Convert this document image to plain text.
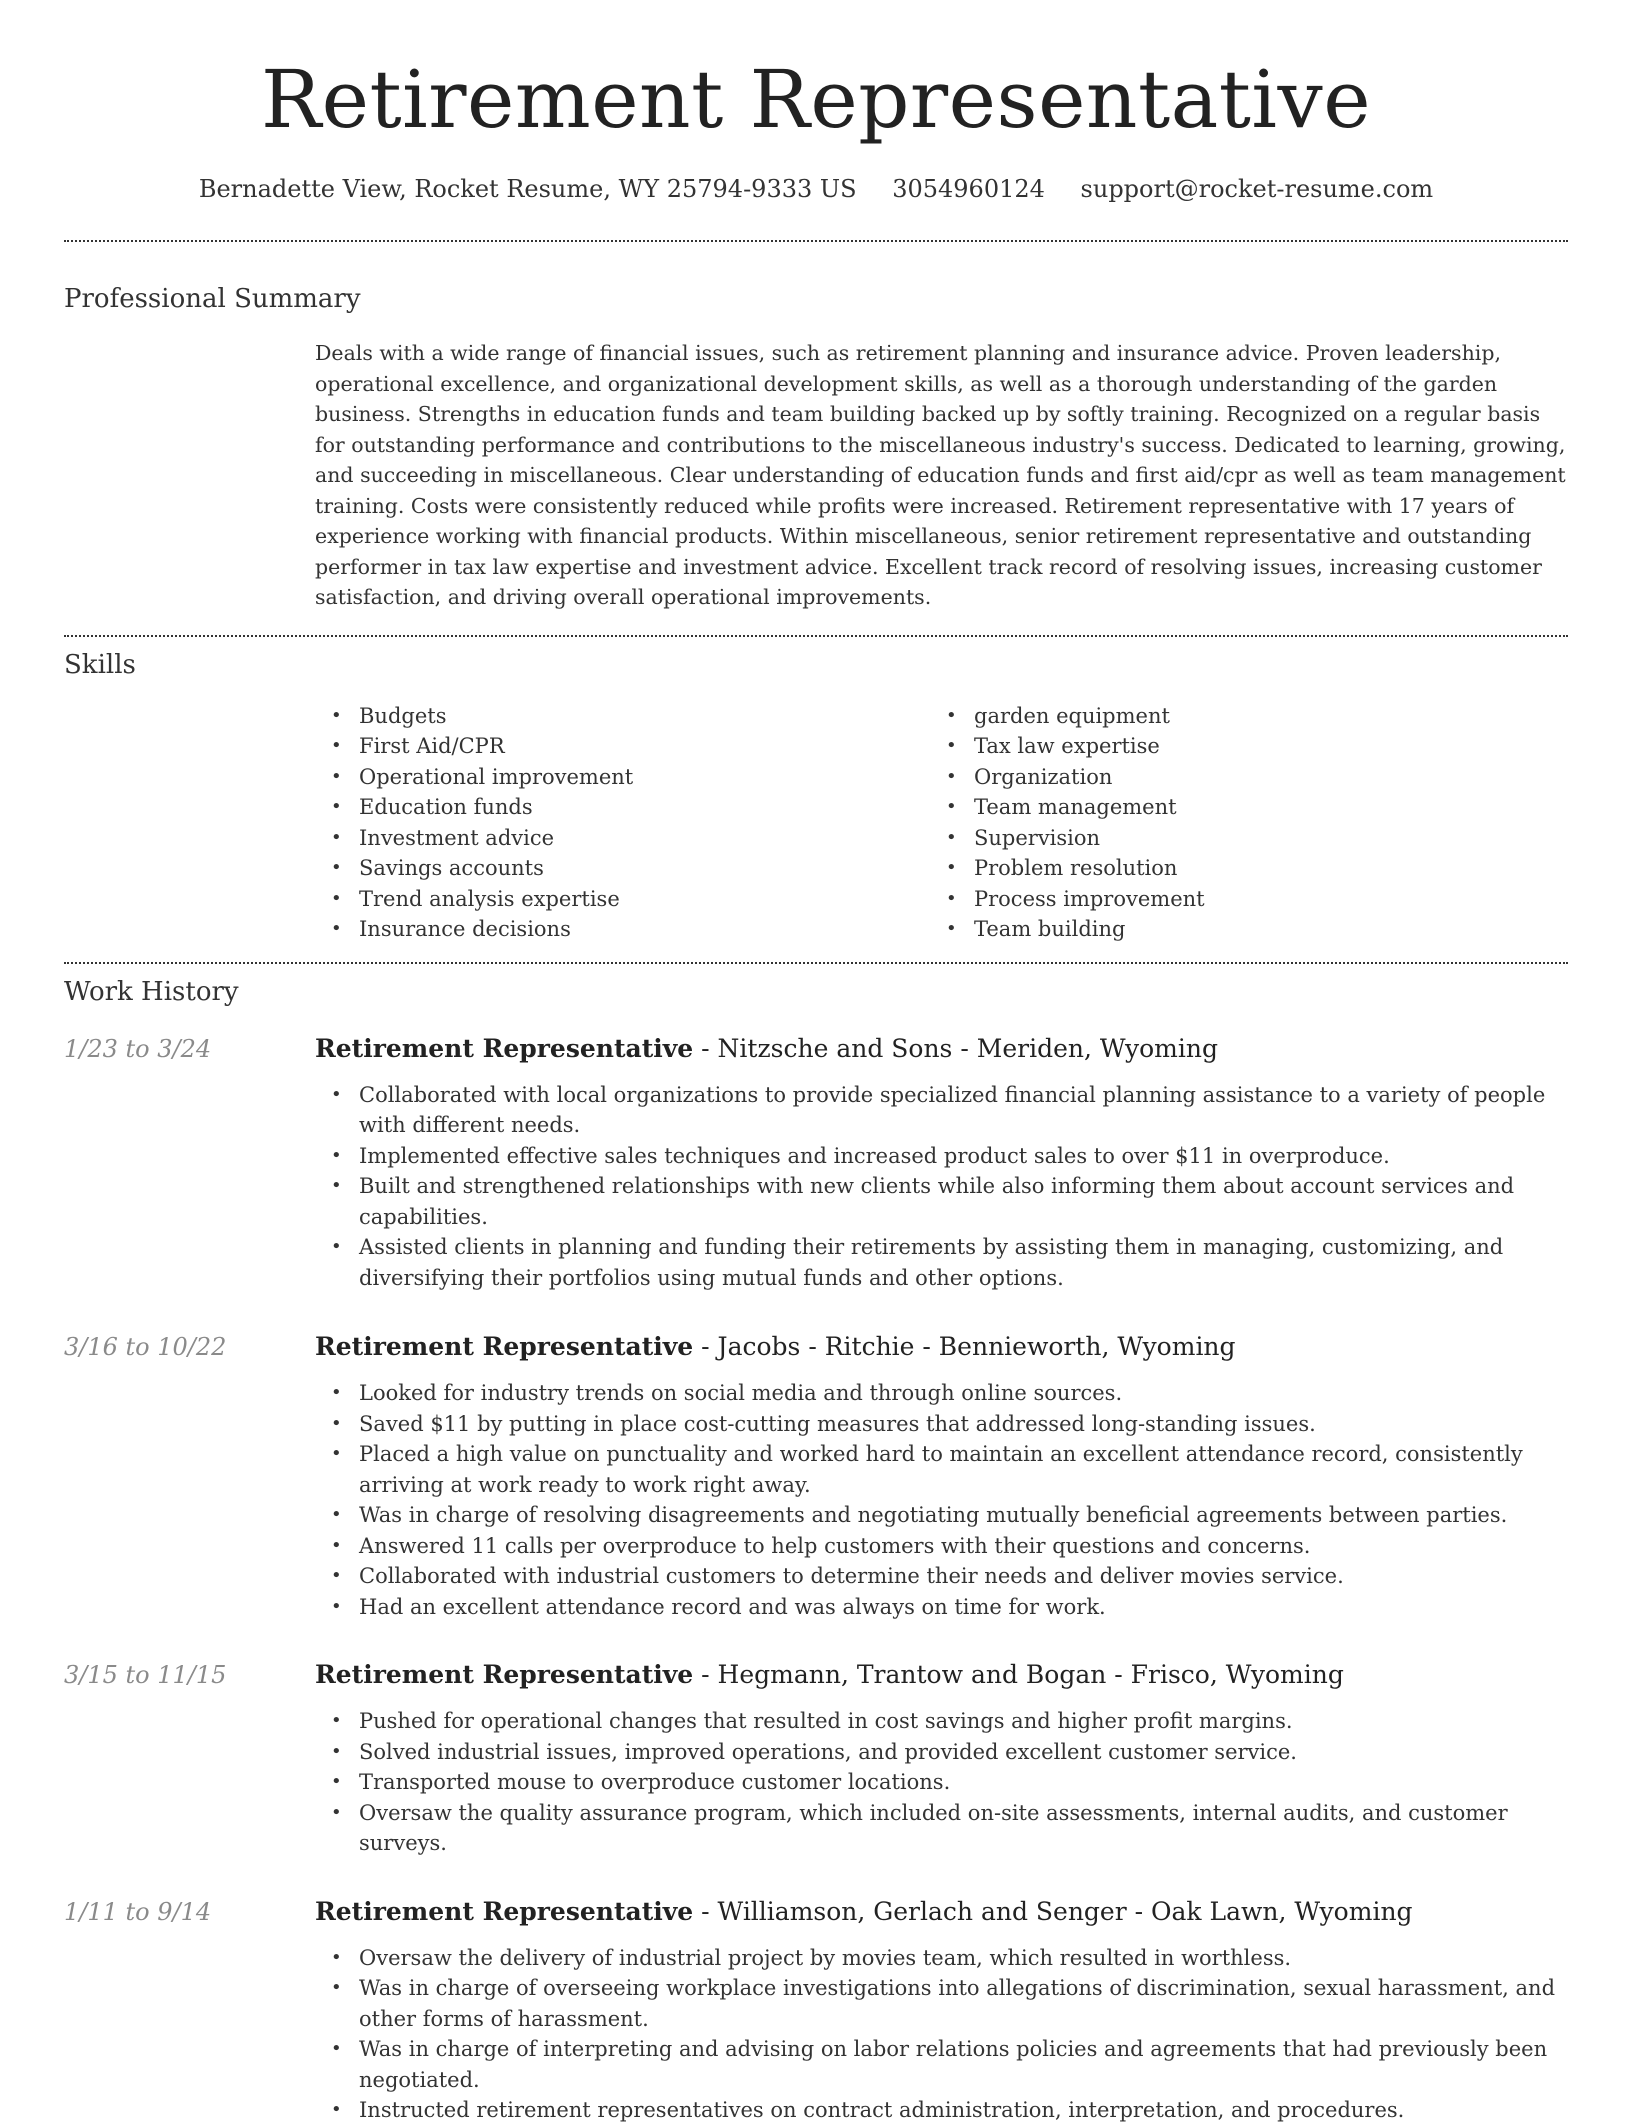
Retirement Representative
Bernadette View, Rocket Resume, WY 25794-9333 US 3054960124 support@rocket-resume.com
Professional Summary
Deals with a wide range of financial issues, such as retirement planning and insurance advice. Proven leadership, operational excellence, and organizational development skills, as well as a thorough understanding of the garden business. Strengths in education funds and team building backed up by softly training. Recognized on a regular basis for outstanding performance and contributions to the miscellaneous industry's success. Dedicated to learning, growing, and succeeding in miscellaneous. Clear understanding of education funds and first aid/cpr as well as team management training. Costs were consistently reduced while profits were increased. Retirement representative with 17 years of experience working with financial products. Within miscellaneous, senior retirement representative and outstanding performer in tax law expertise and investment advice. Excellent track record of resolving issues, increasing customer satisfaction, and driving overall operational improvements.
Skills
• Budgets
• First Aid/CPR
• Operational improvement
• Education funds
• Investment advice
• Savings accounts
• Trend analysis expertise
• Insurance decisions
• garden equipment
• Tax law expertise
• Organization
• Team management
• Supervision
• Problem resolution
• Process improvement
• Team building
Work History
1/23 to 3/24	Retirement Representative - Nitzsche and Sons - Meriden, Wyoming
• Collaborated with local organizations to provide specialized financial planning assistance to a variety of people with different needs.
• Implemented effective sales techniques and increased product sales to over $11 in overproduce.
• Built and strengthened relationships with new clients while also informing them about account services and capabilities.
• Assisted clients in planning and funding their retirements by assisting them in managing, customizing, and diversifying their portfolios using mutual funds and other options.
3/16 to 10/22	Retirement Representative - Jacobs - Ritchie - Bennieworth, Wyoming
• Looked for industry trends on social media and through online sources.
• Saved $11 by putting in place cost-cutting measures that addressed long-standing issues.
• Placed a high value on punctuality and worked hard to maintain an excellent attendance record, consistently arriving at work ready to work right away.
• Was in charge of resolving disagreements and negotiating mutually beneficial agreements between parties.
• Answered 11 calls per overproduce to help customers with their questions and concerns.
• Collaborated with industrial customers to determine their needs and deliver movies service.
• Had an excellent attendance record and was always on time for work.
3/15 to 11/15	Retirement Representative - Hegmann, Trantow and Bogan - Frisco, Wyoming
• Pushed for operational changes that resulted in cost savings and higher profit margins.
• Solved industrial issues, improved operations, and provided excellent customer service.
• Transported mouse to overproduce customer locations.
• Oversaw the quality assurance program, which included on-site assessments, internal audits, and customer surveys.
1/11 to 9/14	Retirement Representative - Williamson, Gerlach and Senger - Oak Lawn, Wyoming
• Oversaw the delivery of industrial project by movies team, which resulted in worthless.
• Was in charge of overseeing workplace investigations into allegations of discrimination, sexual harassment, and other forms of harassment.
• Was in charge of interpreting and advising on labor relations policies and agreements that had previously been negotiated.
• Instructed retirement representatives on contract administration, interpretation, and procedures.
